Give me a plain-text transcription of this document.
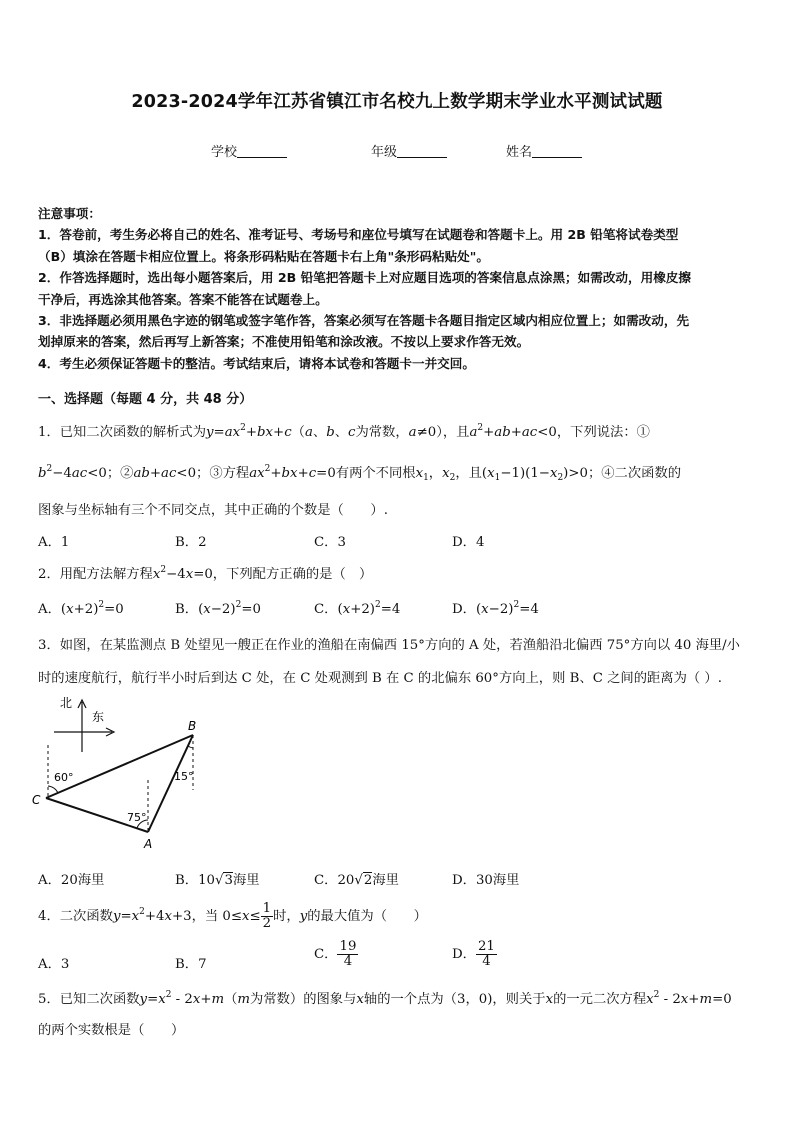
2023-2024学年江苏省镇江市名校九上数学期末学业水平测试试题
学校	年级	姓名

注意事项：

1．答卷前，考生务必将自己的姓名、准考证号、考场号和座位号填写在试题卷和答题卡上。用 2B 铅笔将试卷类型

（B）填涂在答题卡相应位置上。将条形码粘贴在答题卡右上角"条形码粘贴处"。

2．作答选择题时，选出每小题答案后，用 2B 铅笔把答题卡上对应题目选项的答案信息点涂黑；如需改动，用橡皮擦

干净后，再选涂其他答案。答案不能答在试题卷上。

3．非选择题必须用黑色字迹的钢笔或签字笔作答，答案必须写在答题卡各题目指定区域内相应位置上；如需改动，先

划掉原来的答案，然后再写上新答案；不准使用铅笔和涂改液。不按以上要求作答无效。

4．考生必须保证答题卡的整洁。考试结束后，请将本试卷和答题卡一并交回。

一、选择题（每题 4 分，共 48 分）
1．已知二次函数的解析式为$y=ax^2+bx+c(a$、b、c为常数，a≠0），且$a^2+ab+ac<0$，下列说法：①
$b^2-4ac<0$；②ab+ac<0；③方程$ax^2+bx+c=0$有两个不同根$x_1$，$x_2$，且$(x_1-1)(1-x_2)>0$；④二次函数的
图象与坐标轴有三个不同交点，其中正确的个数是（　　）.
A．1	B．2	C．3	D．4
2．用配方法解方程$x^2-4x=0$，下列配方正确的是（　）
A．$(x+2)^2=0$	B．$(x-2)^2=0$	C．$(x+2)^2=4$	D．$(x-2)^2=4$
3．如图，在某监测点 B 处望见一艘正在作业的渔船在南偏西 15°方向的 A 处，若渔船沿北偏西 75°方向以 40 海里/小
时的速度航行，航行半小时后到达 C 处，在 C 处观测到 B 在 C 的北偏东 60°方向上，则 B、C 之间的距离为（ ）.
北
东
B
C
A
60°
75°
15°
A．20海里	B．10√3海里	C．20√2海里	D．30海里
4．二次函数$y=x^2+4x+3$，当 $0\le x\le \frac{1}{2}$ 时，y的最大值为（　　）
A．3	B．7
C． $\frac{19}{4}$	D． $\frac{21}{4}$
5．已知二次函数$y=x^2 - 2x+m(m$为常数）的图象与x轴的一个点为（3，0)，则关于x的一元二次方程$x^2 - 2x+m=0$
的两个实数根是（　　）
